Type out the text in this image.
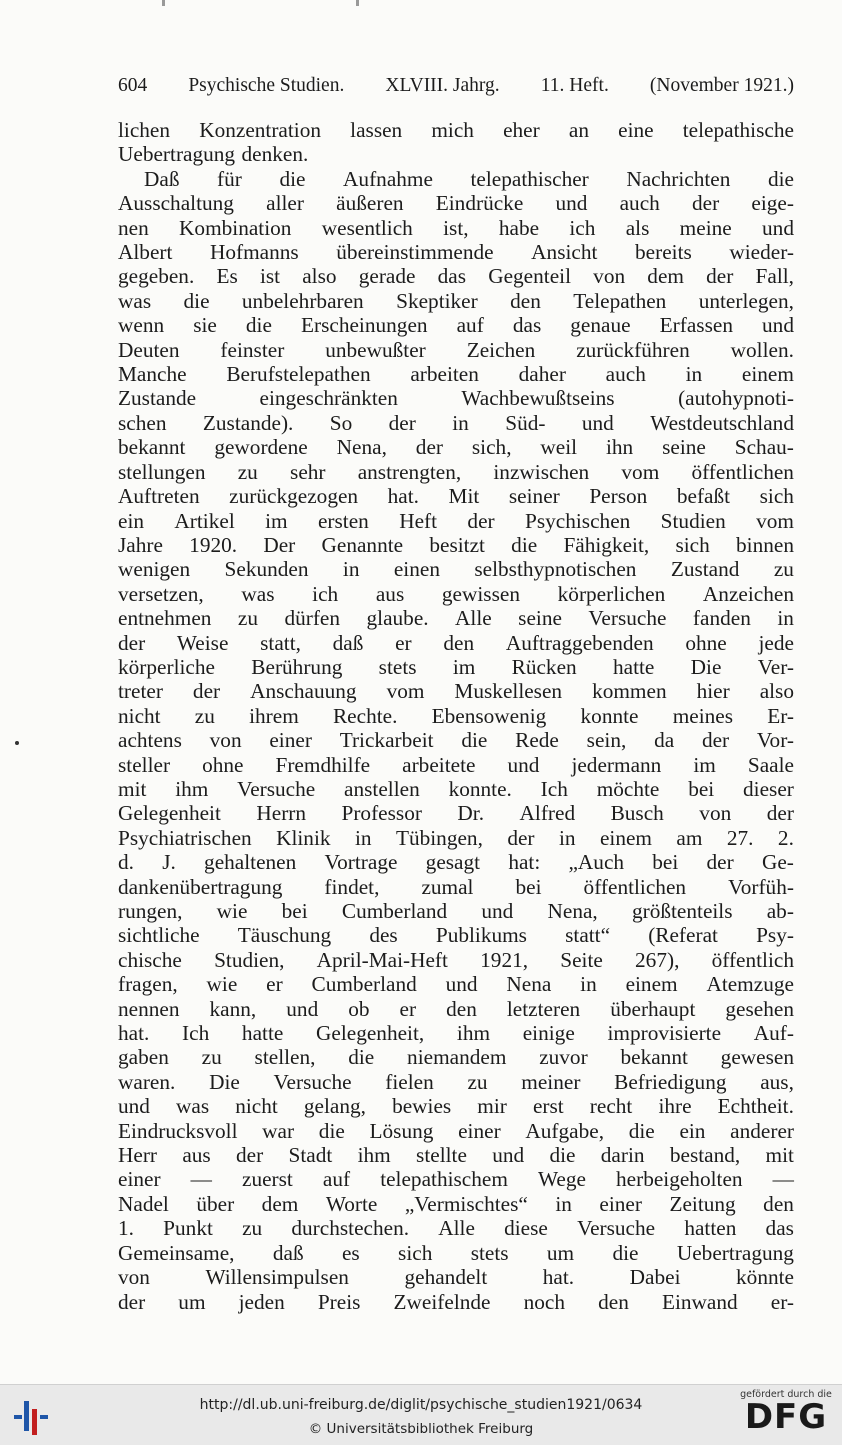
604 Psychische Studien. XLVIII. Jahrg. 11. Heft. (November 1921.)
lichen Konzentration lassen mich eher an eine telepathische
Uebertragung denken.
Daß für die Aufnahme telepathischer Nachrichten die
Ausschaltung aller äußeren Eindrücke und auch der eige-
nen Kombination wesentlich ist, habe ich als meine und
Albert Hofmanns übereinstimmende Ansicht bereits wieder-
gegeben. Es ist also gerade das Gegenteil von dem der Fall,
was die unbelehrbaren Skeptiker den Telepathen unterlegen,
wenn sie die Erscheinungen auf das genaue Erfassen und
Deuten feinster unbewußter Zeichen zurückführen wollen.
Manche Berufstelepathen arbeiten daher auch in einem
Zustande	eingeschränkten	Wachbewußtseins	(autohypnoti-
schen Zustande). So der in Süd- und Westdeutschland
bekannt gewordene Nena, der sich, weil ihn seine Schau-
stellungen zu sehr anstrengten, inzwischen vom öffentlichen
Auftreten zurückgezogen hat. Mit seiner Person befaßt sich
ein Artikel im ersten Heft der Psychischen Studien vom
Jahre 1920. Der Genannte besitzt die Fähigkeit, sich binnen
wenigen Sekunden in einen selbsthypnotischen Zustand zu
versetzen, was ich aus gewissen körperlichen Anzeichen
entnehmen zu dürfen glaube. Alle seine Versuche fanden in
der Weise statt, daß er den Auftraggebenden ohne jede
körperliche Berührung stets im Rücken hatte Die Ver-
treter der Anschauung vom Muskellesen kommen hier also
nicht zu ihrem Rechte. Ebensowenig konnte meines Er-
achtens von einer Trickarbeit die Rede sein, da der Vor-
steller ohne Fremdhilfe arbeitete und jedermann im Saale
mit ihm Versuche anstellen konnte. Ich möchte bei dieser
Gelegenheit Herrn Professor Dr. Alfred Busch von der
Psychiatrischen Klinik in Tübingen, der in einem am 27. 2.
d. J. gehaltenen Vortrage gesagt hat: „Auch bei der Ge-
dankenübertragung findet, zumal bei öffentlichen Vorfüh-
rungen, wie bei Cumberland und Nena, größtenteils ab-
sichtliche Täuschung des Publikums statt“ (Referat Psy-
chische Studien, April-Mai-Heft 1921, Seite 267), öffentlich
fragen, wie er Cumberland und Nena in einem Atemzuge
nennen kann, und ob er den letzteren überhaupt gesehen
hat. Ich hatte Gelegenheit, ihm einige improvisierte Auf-
gaben zu stellen, die niemandem zuvor bekannt gewesen
waren. Die Versuche fielen zu meiner Befriedigung aus,
und was nicht gelang, bewies mir erst recht ihre Echtheit.
Eindrucksvoll war die Lösung einer Aufgabe, die ein anderer
Herr aus der Stadt ihm stellte und die darin bestand, mit
einer — zuerst auf telepathischem Wege herbeigeholten —
Nadel über dem Worte „Vermischtes“ in einer Zeitung den
1. Punkt zu durchstechen. Alle diese Versuche hatten das
Gemeinsame, daß es sich stets um die Uebertragung
von	Willensimpulsen	gehandelt	hat.	Dabei	könnte
der um jeden Preis Zweifelnde noch den Einwand er-
http://dl.ub.uni-freiburg.de/diglit/psychische_studien1921/0634
© Universitätsbibliothek Freiburg
gefördert durch die
DFG
